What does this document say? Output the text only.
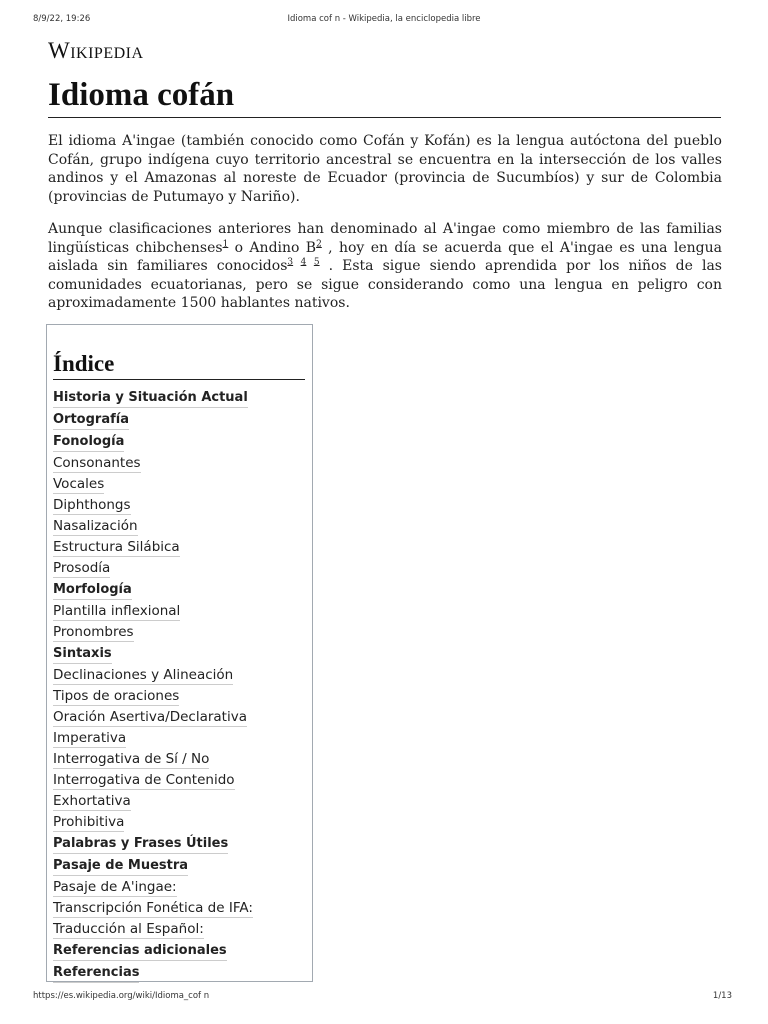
8/9/22, 19:26	Idioma cof n - Wikipedia, la enciclopedia libre
Wikipedia
Idioma cofán

El idioma A'ingae (también conocido como Cofán y Kofán) es la lengua autóctona del pueblo Cofán, grupo indígena cuyo territorio ancestral se encuentra en la intersección de los valles andinos y el Amazonas al noreste de Ecuador (provincia de Sucumbíos) y sur de Colombia (provincias de Putumayo y Nariño).

Aunque clasificaciones anteriores han denominado al A'ingae como miembro de las familias lingüísticas chibchenses$^1$ o Andino $B^2$ , hoy en día se acuerda que el A'ingae es una lengua aislada sin familiares conocidos$^{3 4 5}$ . Esta sigue siendo aprendida por los niños de las comunidades ecuatorianas, pero se sigue considerando como una lengua en peligro con aproximadamente 1500 hablantes nativos.

Índice
Historia y Situación Actual
Ortografía
Fonología
Consonantes
Vocales
Diphthongs
Nasalización
Estructura Silábica
Prosodía
Morfología
Plantilla inflexional
Pronombres
Sintaxis
Declinaciones y Alineación
Tipos de oraciones
Oración Asertiva/Declarativa
Imperativa
Interrogativa de Sí / No
Interrogativa de Contenido
Exhortativa
Prohibitiva
Palabras y Frases Útiles
Pasaje de Muestra
Pasaje de A'ingae:
Transcripción Fonética de IFA:
Traducción al Español:
Referencias adicionales
Referencias
https://es.wikipedia.org/wiki/Idioma_cof n	1/13
